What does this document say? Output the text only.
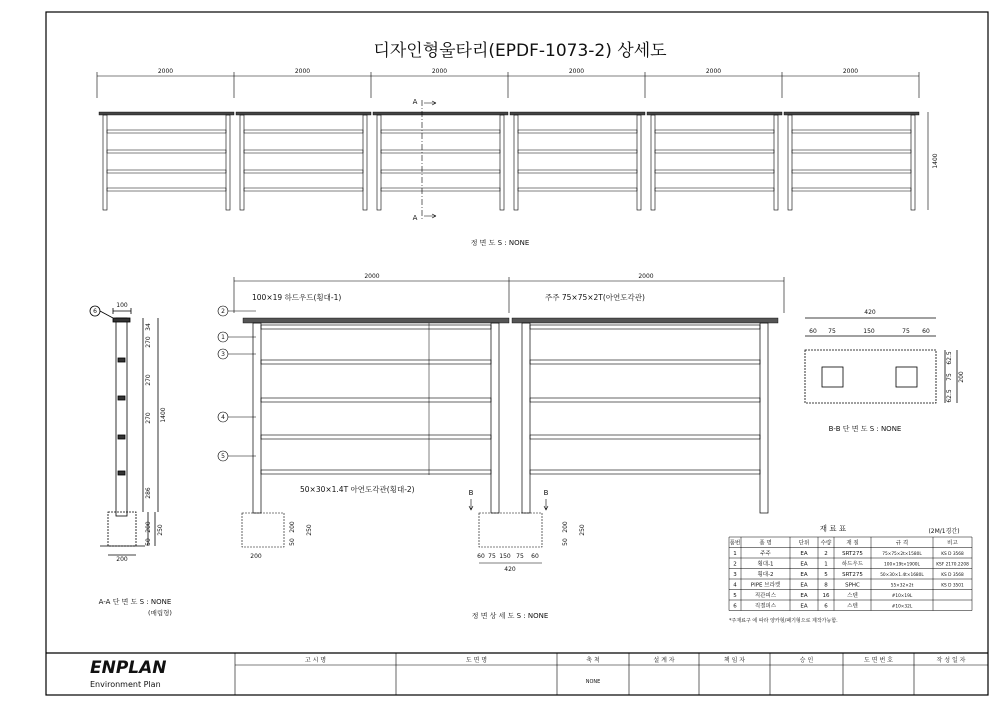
디자인형울타리(EPDF-1073-2) 상세도
2000	2000	2000	2000	2000	2000
1400
A
A
정 면 도 S : NONE
100
6
34
270
270
270
286
1400
200 250
50
200
A-A 단 면 도 S : NONE
(매립형)
200 250
50
200
200 250
50
60 75 150 75 60
420
B	B
1
2
3
4
5
2000	2000
100×19 하드우드(횡대-1)	주주 75×75×2T(아연도각관)
50×30×1.4T 아연도각관(횡대-2)
정 면 상 세 도 S : NONE
420
60 75	150	75 60
62.5
75
62.5
200
B-B 단 면 도 S : NONE
재 료 표	(2M/1경간)
품번	품 명	단위 수량	재 질	규 격	비고
1	주주	EA	2	SRT275	75×75×2t×1580L	KS D 3568
2	횡대-1	EA	1	하드우드	100×19t×1900L	KSF 2170.2208
3	횡대-2	EA	5	SRT275	50×30×1.4t×1680L	KS D 3568
4	PIPE 브라켓	EA	8	SPHC	55×32×2t	KS D 3501
5	직관피스	EA	16	스텐	#10×19L
6	직결피스	EA	6	스텐	#10×32L
*주재료구 에 따라 양카형/패기형으로 제작가능함.
ENPLAN
Environment Plan
고 시 명	도 면 명	축 척	설 계 자	책 임 자	승 인	도 면 번 호	작 성 일 자
NONE
